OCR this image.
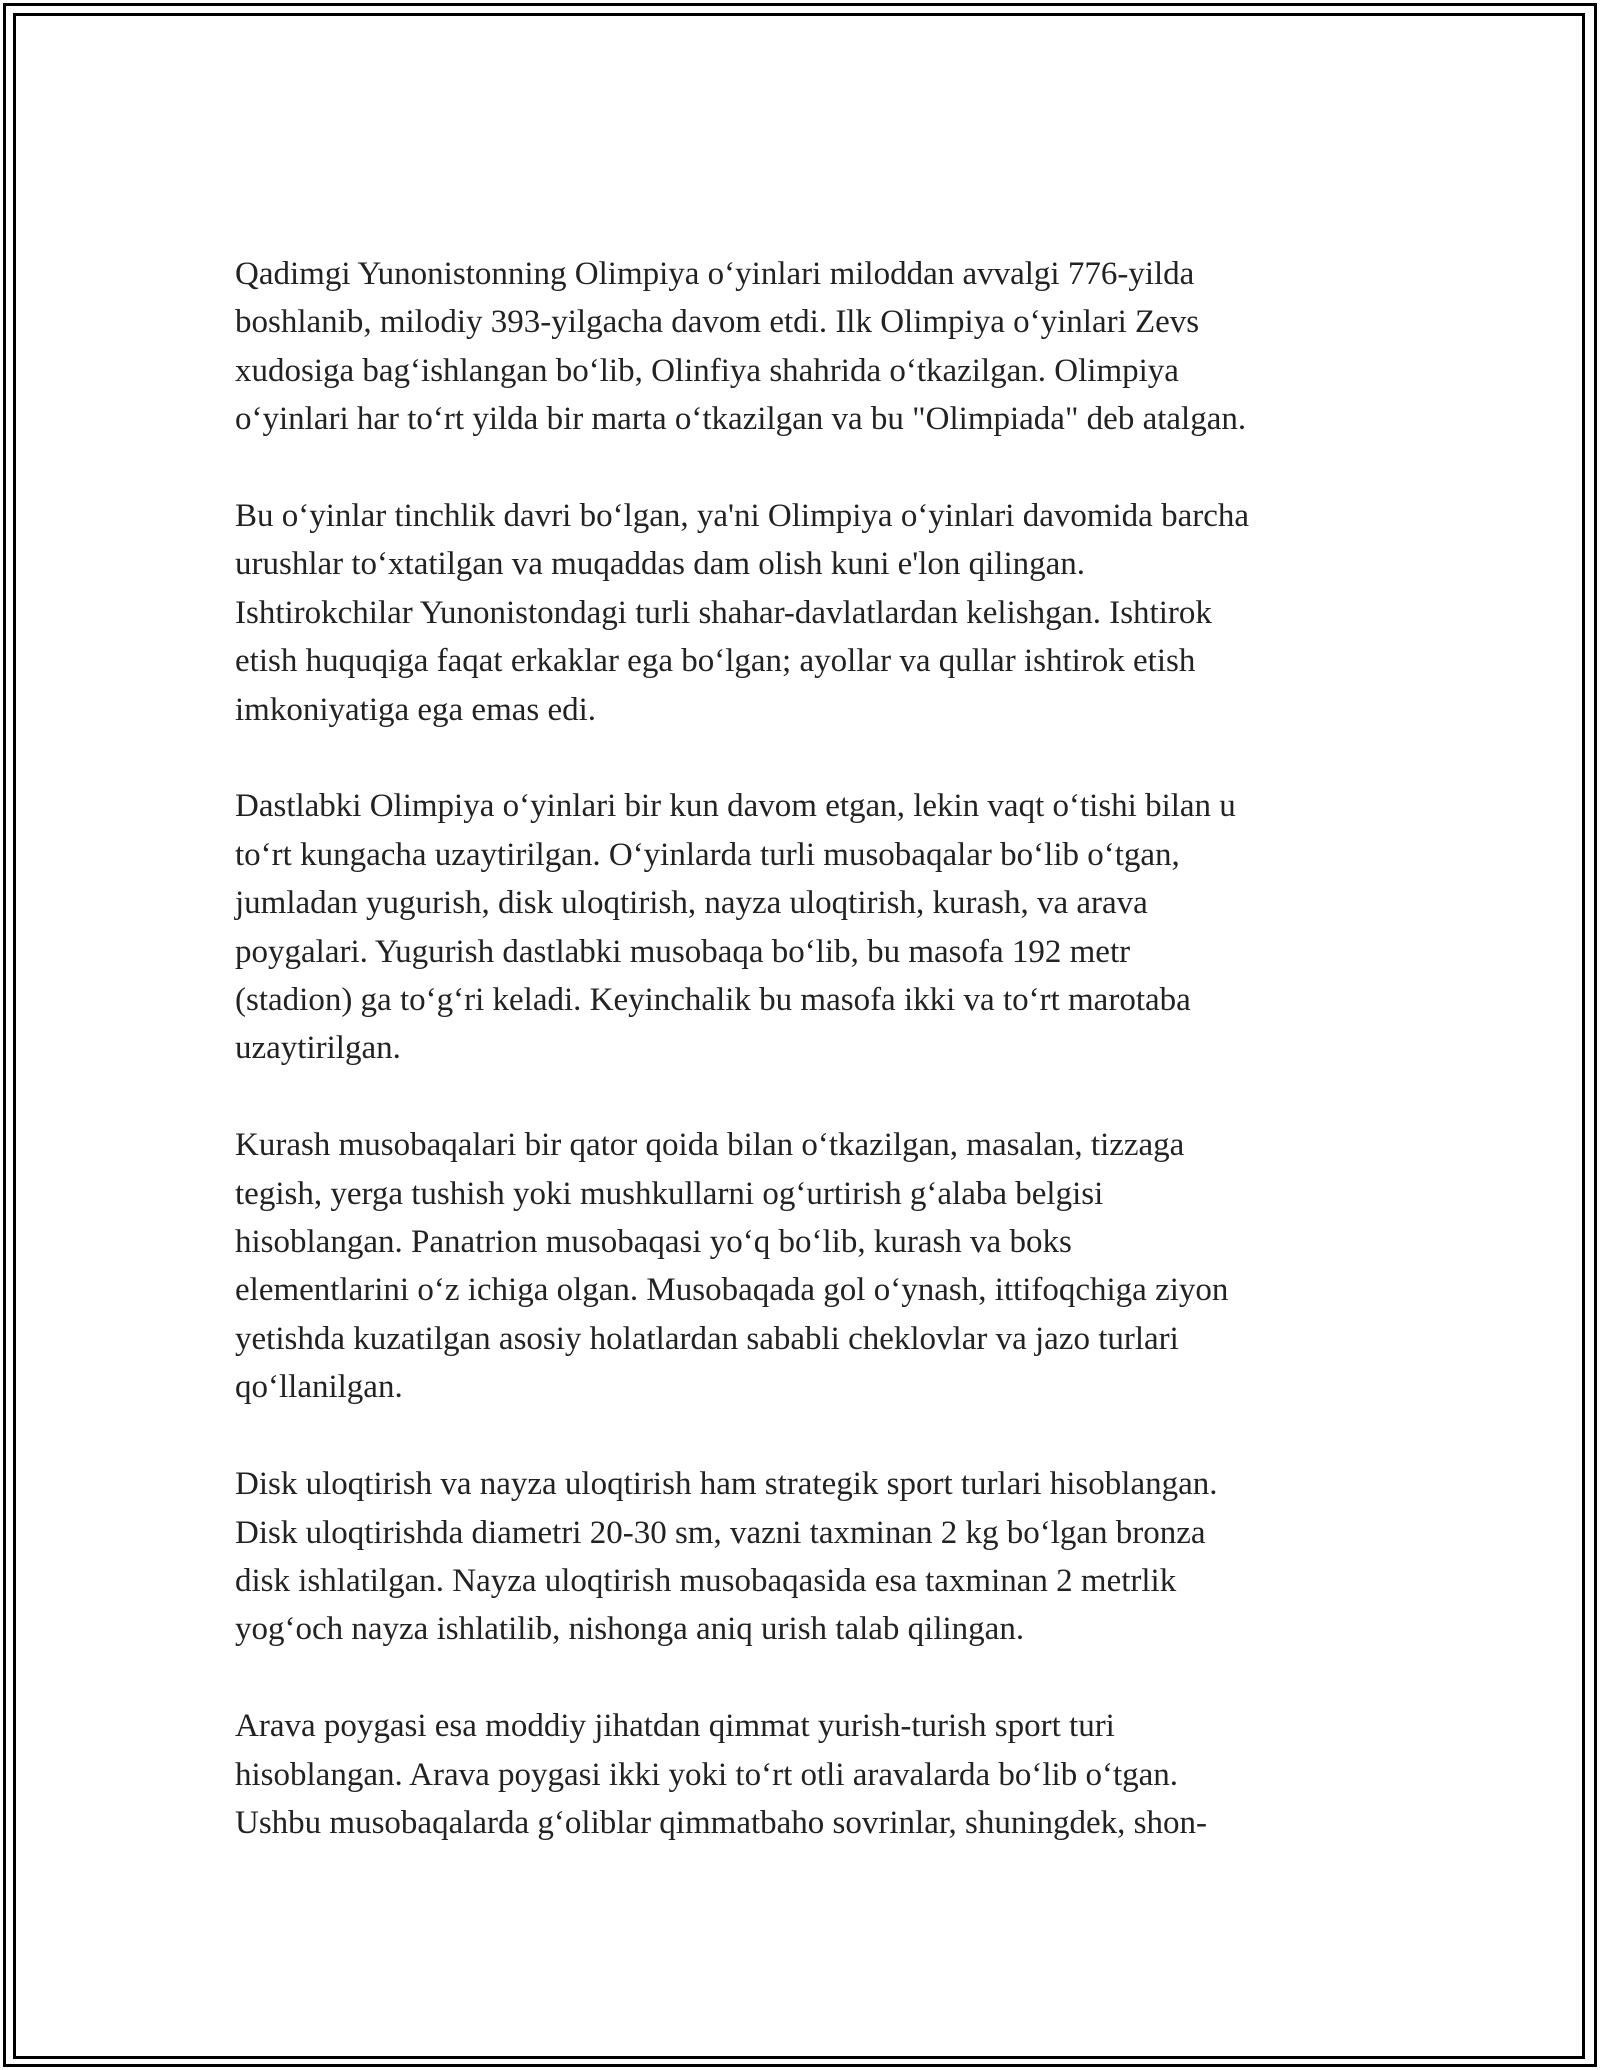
Qadimgi Yunonistonning Olimpiya o‘yinlari miloddan avvalgi 776-yilda
boshlanib, milodiy 393-yilgacha davom etdi. Ilk Olimpiya o‘yinlari Zevs
xudosiga bag‘ishlangan bo‘lib, Olinfiya shahrida o‘tkazilgan. Olimpiya
o‘yinlari har to‘rt yilda bir marta o‘tkazilgan va bu "Olimpiada" deb atalgan.

Bu o‘yinlar tinchlik davri bo‘lgan, ya'ni Olimpiya o‘yinlari davomida barcha
urushlar to‘xtatilgan va muqaddas dam olish kuni e'lon qilingan.
Ishtirokchilar Yunonistondagi turli shahar-davlatlardan kelishgan. Ishtirok
etish huquqiga faqat erkaklar ega bo‘lgan; ayollar va qullar ishtirok etish
imkoniyatiga ega emas edi.

Dastlabki Olimpiya o‘yinlari bir kun davom etgan, lekin vaqt o‘tishi bilan u
to‘rt kungacha uzaytirilgan. O‘yinlarda turli musobaqalar bo‘lib o‘tgan,
jumladan yugurish, disk uloqtirish, nayza uloqtirish, kurash, va arava
poygalari. Yugurish dastlabki musobaqa bo‘lib, bu masofa 192 metr
(stadion) ga to‘g‘ri keladi. Keyinchalik bu masofa ikki va to‘rt marotaba
uzaytirilgan.

Kurash musobaqalari bir qator qoida bilan o‘tkazilgan, masalan, tizzaga
tegish, yerga tushish yoki mushkullarni og‘urtirish g‘alaba belgisi
hisoblangan. Panatrion musobaqasi yo‘q bo‘lib, kurash va boks
elementlarini o‘z ichiga olgan. Musobaqada gol o‘ynash, ittifoqchiga ziyon
yetishda kuzatilgan asosiy holatlardan sababli cheklovlar va jazo turlari
qo‘llanilgan.

Disk uloqtirish va nayza uloqtirish ham strategik sport turlari hisoblangan.
Disk uloqtirishda diametri 20-30 sm, vazni taxminan 2 kg bo‘lgan bronza
disk ishlatilgan. Nayza uloqtirish musobaqasida esa taxminan 2 metrlik
yog‘och nayza ishlatilib, nishonga aniq urish talab qilingan.

Arava poygasi esa moddiy jihatdan qimmat yurish-turish sport turi
hisoblangan. Arava poygasi ikki yoki to‘rt otli aravalarda bo‘lib o‘tgan.
Ushbu musobaqalarda g‘oliblar qimmatbaho sovrinlar, shuningdek, shon-
